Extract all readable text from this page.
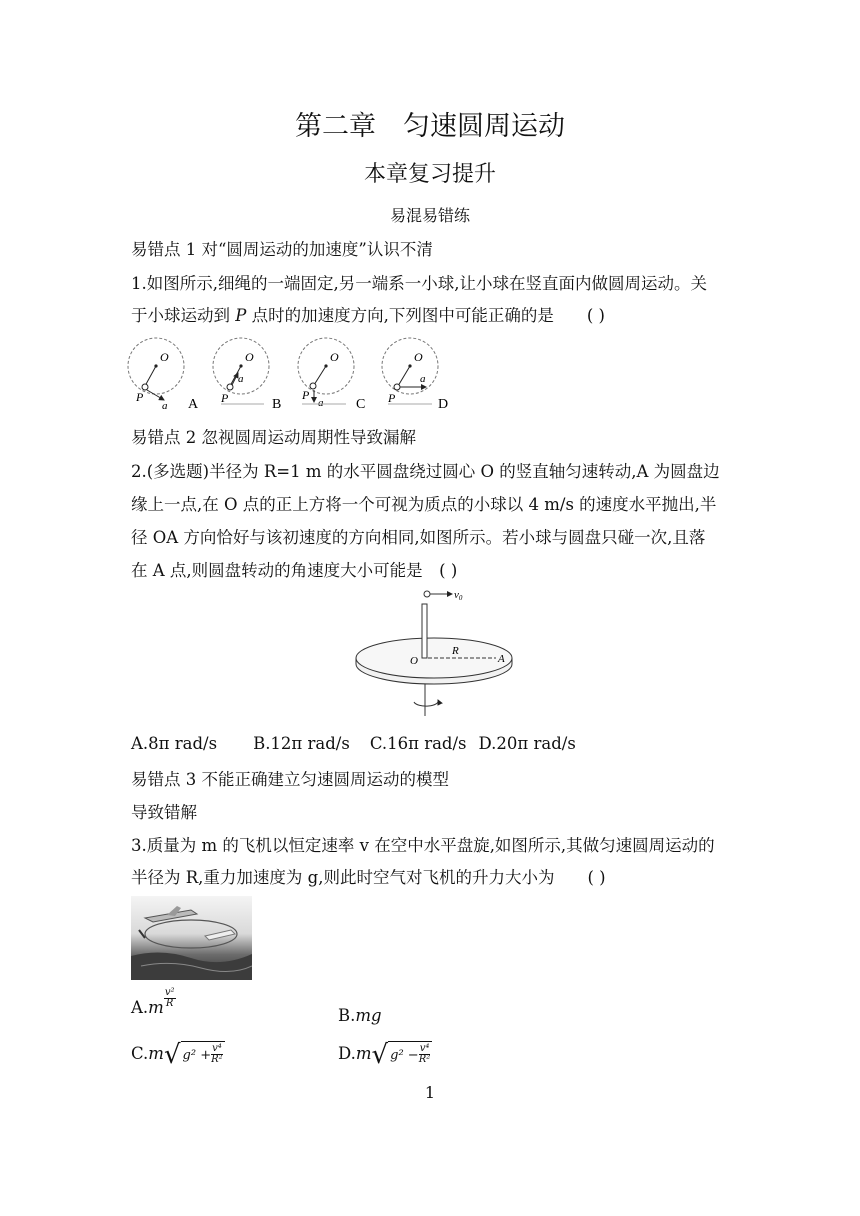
第二章　匀速圆周运动
本章复习提升
易混易错练
易错点 1 对“圆周运动的加速度”认识不清
1.如图所示,细绳的一端固定,另一端系一小球,让小球在竖直面内做圆周运动。关
于小球运动到 P 点时的加速度方向,下列图中可能正确的是　　( )
O
P
a A
O
P
a
B
O
P
a C
O
P
a
D
易错点 2 忽视圆周运动周期性导致漏解
2.(多选题)半径为 R=1 m 的水平圆盘绕过圆心 O 的竖直轴匀速转动,A 为圆盘边
缘上一点,在 O 点的正上方将一个可视为质点的小球以 4 m/s 的速度水平抛出,半
径 OA 方向恰好与该初速度的方向相同,如图所示。若小球与圆盘只碰一次,且落
在 A 点,则圆盘转动的角速度大小可能是　( )
v0
O
R
A
A.8π rad/s B.12π rad/s C.16π rad/s D.20π rad/s
易错点 3 不能正确建立匀速圆周运动的模型
导致错解
3.质量为 m 的飞机以恒定速率 v 在空中水平盘旋,如图所示,其做匀速圆周运动的
半径为 R,重力加速度为 g,则此时空气对飞机的升力大小为　　( )
$A.m \frac{\text{v²}}{R}$
B.mg
C.m√ $g^2 + \frac{\text{v⁴}}{\text{R²}}$	D.m√ $g^2 - \frac{\text{v⁴}}{\text{R²}}$
1
